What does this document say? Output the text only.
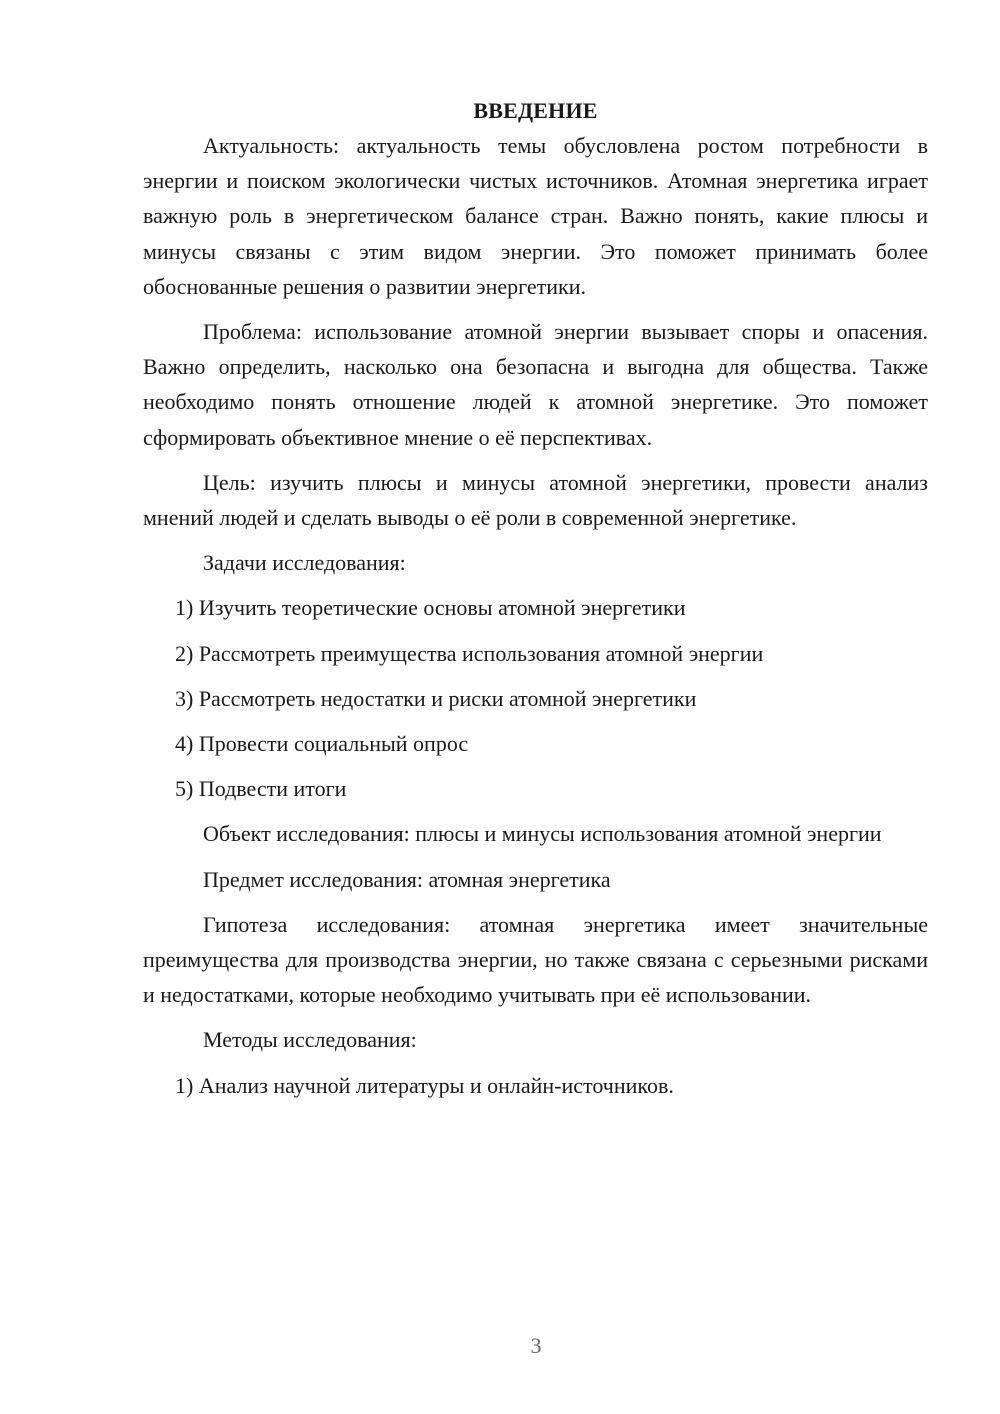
ВВЕДЕНИЕ

Актуальность: актуальность темы обусловлена ростом потребности в энергии и поиском экологически чистых источников. Атомная энергетика играет важную роль в энергетическом балансе стран. Важно понять, какие плюсы и минусы связаны с этим видом энергии. Это поможет принимать более обоснованные решения о развитии энергетики.

Проблема: использование атомной энергии вызывает споры и опасения. Важно определить, насколько она безопасна и выгодна для общества. Также необходимо понять отношение людей к атомной энергетике. Это поможет сформировать объективное мнение о её перспективах.

Цель: изучить плюсы и минусы атомной энергетики, провести анализ мнений людей и сделать выводы о её роли в современной энергетике.

Задачи исследования:

1) Изучить теоретические основы атомной энергетики
2) Рассмотреть преимущества использования атомной энергии
3) Рассмотреть недостатки и риски атомной энергетики
4) Провести социальный опрос
5) Подвести итоги

Объект исследования: плюсы и минусы использования атомной энергии

Предмет исследования: атомная энергетика

Гипотеза исследования: атомная энергетика имеет значительные преимущества для производства энергии, но также связана с серьезными рисками и недостатками, которые необходимо учитывать при её использовании.

Методы исследования:

1) Анализ научной литературы и онлайн-источников.
3
